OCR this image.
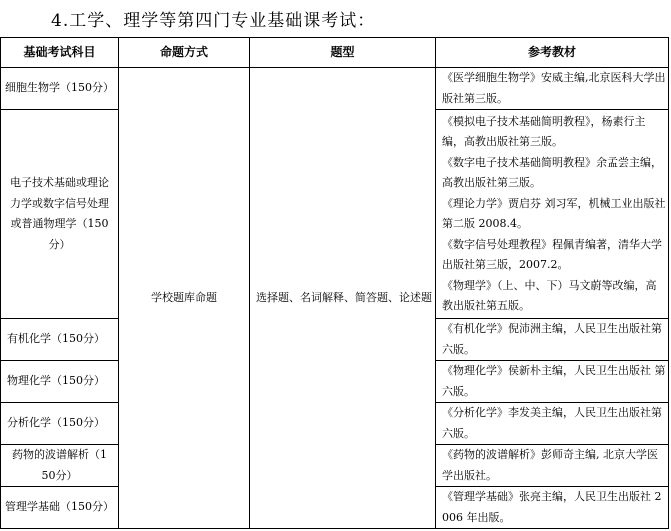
4.工学、理学等第四门专业基础课考试：
基础考试科目	命题方式	题型	参考教材
细胞生物学（150分）	学校题库命题	选择题、名词解释、简答题、论述题	《医学细胞生物学》安威主编,北京医科大学出版社第三版。

电子技术基础或理论力学或数字信号处理或普通物理学（150分）			《模拟电子技术基础简明教程》，杨素行主编，高教出版社第三版。
《数字电子技术基础简明教程》余孟尝主编，高教出版社第三版。
《理论力学》贾启芬 刘习军，机械工业出版社第二版 2008.4。
《数字信号处理教程》程佩青编著，清华大学出版社第三版，2007.2。
《物理学》（上、中、下）马文蔚等改编，高教出版社第五版。

有机化学（150分）			《有机化学》倪沛洲主编，人民卫生出版社第六版。

物理化学（150分）			《物理化学》侯新朴主编，人民卫生出版社 第六版。

分析化学（150分）			《分析化学》李发美主编，人民卫生出版社第六版。

药物的波谱解析（150分）			《药物的波谱解析》彭师奇主编, 北京大学医学出版社。

管理学基础（150分）			《管理学基础》张亮主编，人民卫生出版社 2006 年出版。
